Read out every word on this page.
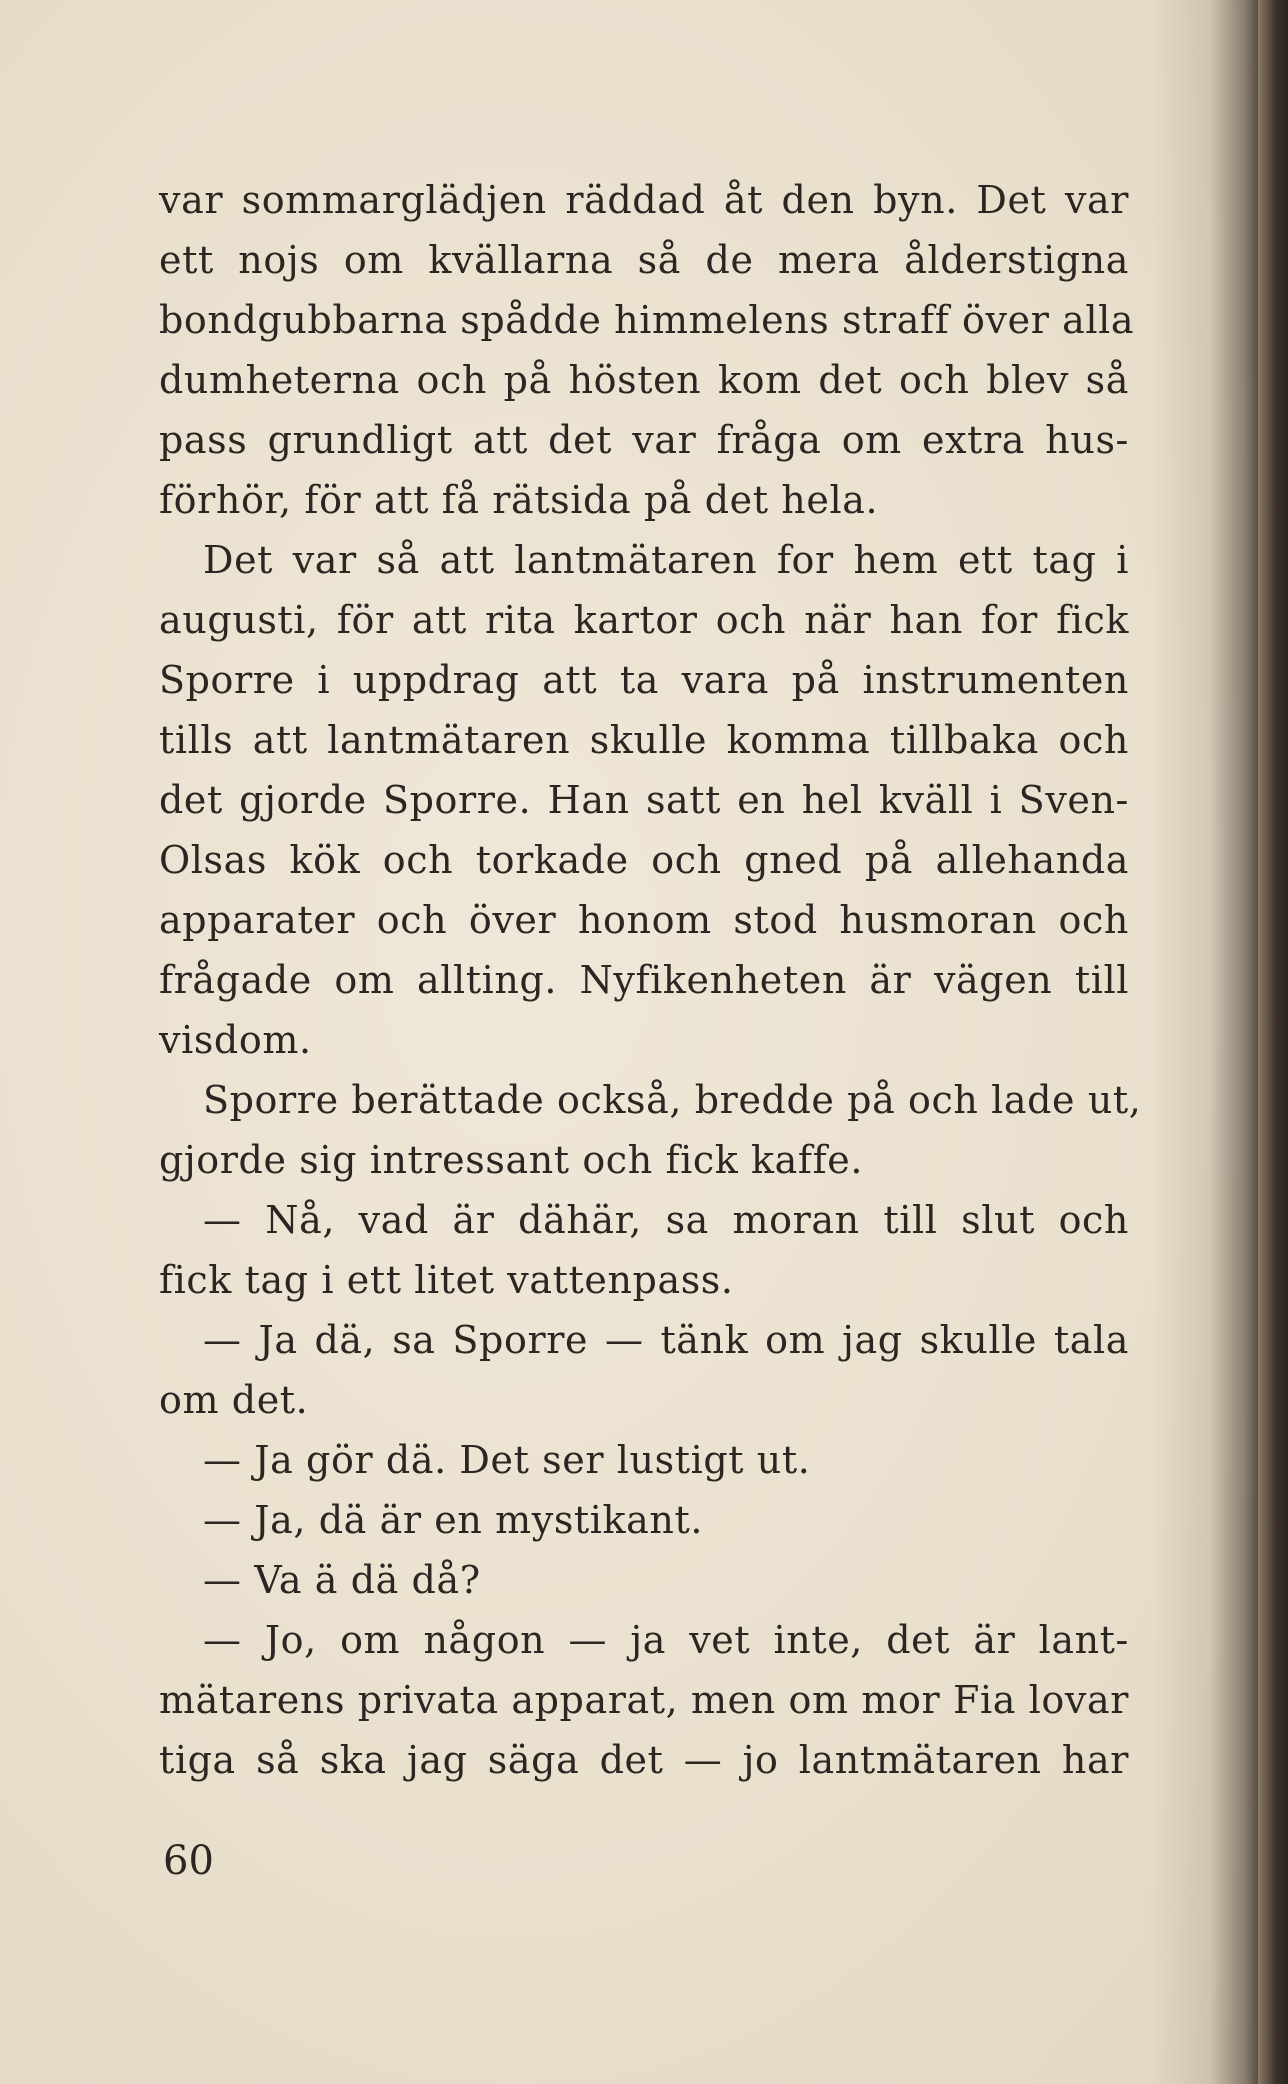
var sommarglädjen räddad åt den byn. Det var
ett nojs om kvällarna så de mera ålderstigna
bondgubbarna spådde himmelens straff över alla
dumheterna och på hösten kom det och blev så
pass grundligt att det var fråga om extra hus-
förhör, för att få rätsida på det hela.
Det var så att lantmätaren for hem ett tag i
augusti, för att rita kartor och när han for fick
Sporre i uppdrag att ta vara på instrumenten
tills att lantmätaren skulle komma tillbaka och
det gjorde Sporre. Han satt en hel kväll i Sven-
Olsas kök och torkade och gned på allehanda
apparater och över honom stod husmoran och
frågade om allting. Nyfikenheten är vägen till
visdom.
Sporre berättade också, bredde på och lade ut,
gjorde sig intressant och fick kaffe.
— Nå, vad är dähär, sa moran till slut och
fick tag i ett litet vattenpass.
— Ja dä, sa Sporre — tänk om jag skulle tala
om det.
— Ja gör dä. Det ser lustigt ut.
— Ja, dä är en mystikant.
— Va ä dä då?
— Jo, om någon — ja vet inte, det är lant-
mätarens privata apparat, men om mor Fia lovar
tiga så ska jag säga det — jo lantmätaren har
60
